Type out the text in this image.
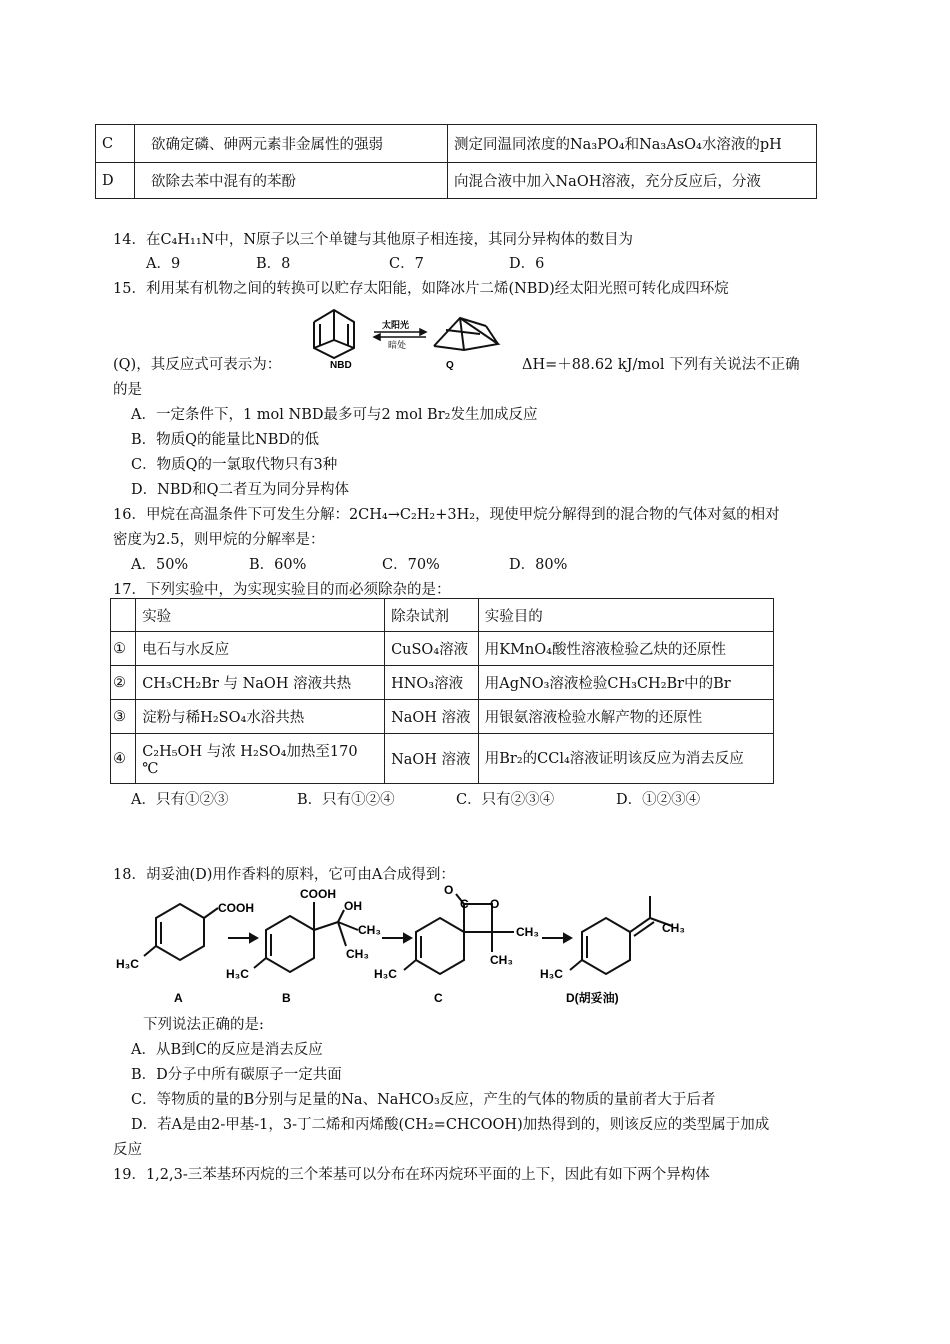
C	欲确定磷、砷两元素非金属性的强弱	测定同温同浓度的Na₃PO₄和Na₃AsO₄水溶液的pH
D	欲除去苯中混有的苯酚	向混合液中加入NaOH溶液，充分反应后，分液
14．在C₄H₁₁N中，N原子以三个单键与其他原子相连接，其同分异构体的数目为
A．9	B．8	C．7	D．6
15．利用某有机物之间的转换可以贮存太阳能，如降冰片二烯(NBD)经太阳光照可转化成四环烷
(Q)，其反应式可表示为：	ΔH=＋88.62 kJ/mol 下列有关说法不正确
的是
NBD
太阳光
暗处
Q
A．一定条件下，1 mol NBD最多可与2 mol Br₂发生加成反应
B．物质Q的能量比NBD的低
C．物质Q的一氯取代物只有3种
D．NBD和Q二者互为同分异构体
16．甲烷在高温条件下可发生分解：2CH₄→C₂H₂+3H₂，现使甲烷分解得到的混合物的气体对氦的相对
密度为2.5，则甲烷的分解率是：
A．50%	B．60%	C．70%	D．80%
17．下列实验中，为实现实验目的而必须除杂的是：
	实验	除杂试剂	实验目的
①	电石与水反应	CuSO₄溶液	用KMnO₄酸性溶液检验乙炔的还原性
②	CH₃CH₂Br 与 NaOH 溶液共热	HNO₃溶液	用AgNO₃溶液检验CH₃CH₂Br中的Br
③	淀粉与稀H₂SO₄水浴共热	NaOH 溶液	用银氨溶液检验水解产物的还原性
④	C₂H₅OH 与浓 H₂SO₄加热至170 ℃	NaOH 溶液	用Br₂的CCl₄溶液证明该反应为消去反应
A．只有①②③	B．只有①②④	C．只有②③④	D．①②③④
18．胡妥油(D)用作香料的原料，它可由A合成得到：
COOH
H₃C
A
COOH
OH
CH₃
CH₃
H₃C
B
O
C O
CH₃
CH₃
H₃C
C
CH₃
H₃C
D(胡妥油)
下列说法正确的是:
A．从B到C的反应是消去反应
B．D分子中所有碳原子一定共面
C．等物质的量的B分别与足量的Na、NaHCO₃反应，产生的气体的物质的量前者大于后者
D．若A是由2-甲基-1，3-丁二烯和丙烯酸(CH₂=CHCOOH)加热得到的，则该反应的类型属于加成
反应
19．1,2,3-三苯基环丙烷的三个苯基可以分布在环丙烷环平面的上下，因此有如下两个异构体
